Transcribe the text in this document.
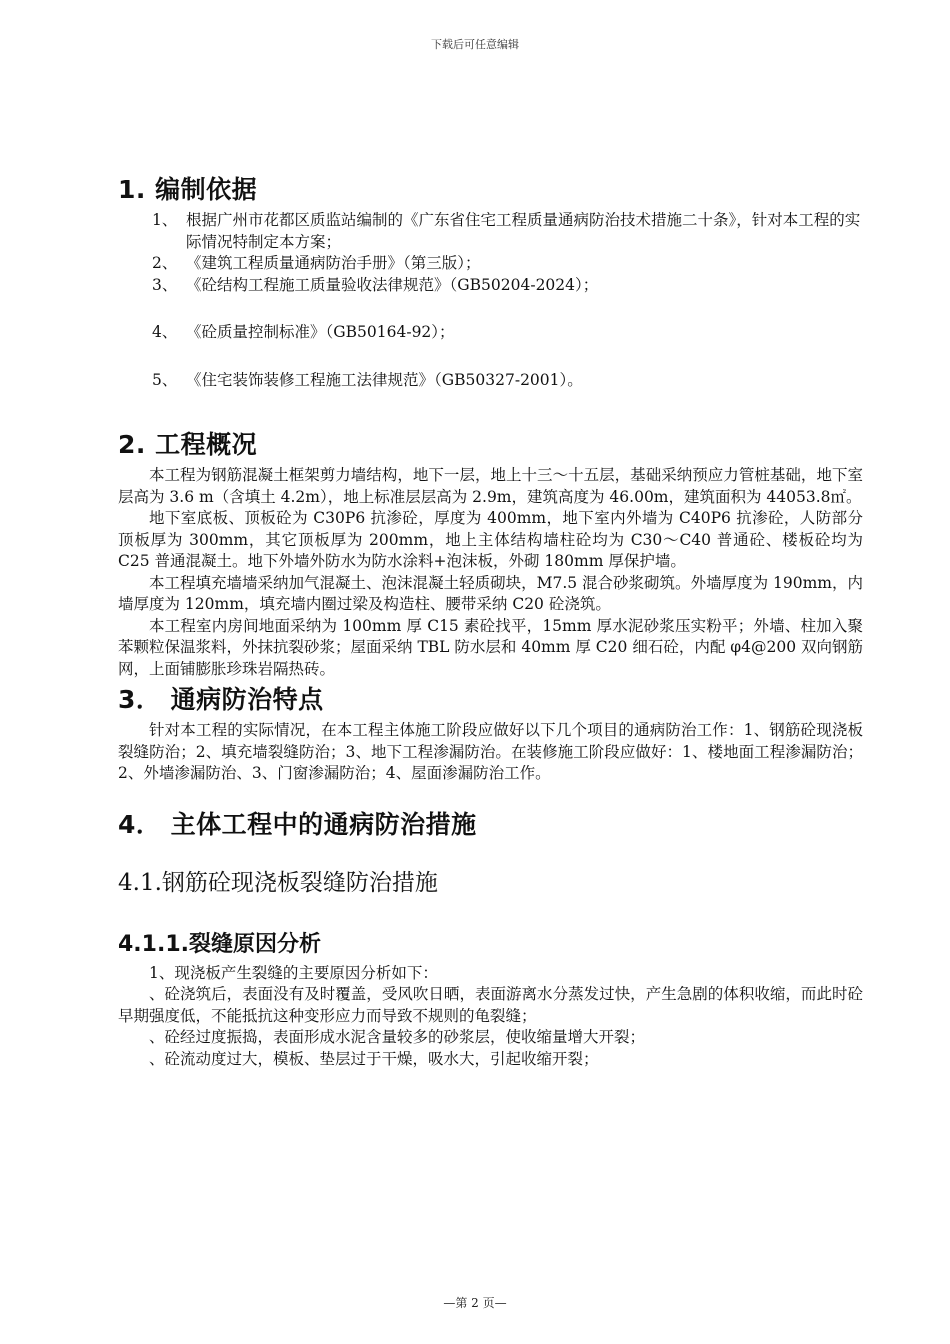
下载后可任意编辑
1. 编制依据
1、 根据广州市花都区质监站编制的《广东省住宅工程质量通病防治技术措施二十条》，针对本工程的实际情况特制定本方案；
2、 《建筑工程质量通病防治手册》（第三版）；
3、 《砼结构工程施工质量验收法律规范》（GB50204-2024）；
4、 《砼质量控制标准》（GB50164-92）；
5、 《住宅装饰装修工程施工法律规范》（GB50327-2001）。
2. 工程概况

本工程为钢筋混凝土框架剪力墙结构，地下一层，地上十三～十五层，基础采纳预应力管桩基础，地下室层高为 3.6 m（含填土 4.2m），地上标准层层高为 2.9m，建筑高度为 46.00m，建筑面积为 44053.8㎡。

地下室底板、顶板砼为 C30P6 抗渗砼，厚度为 400mm，地下室内外墙为 C40P6 抗渗砼，人防部分顶板厚为 300mm，其它顶板厚为 200mm，地上主体结构墙柱砼均为 C30～C40 普通砼、楼板砼均为 C25 普通混凝土。地下外墙外防水为防水涂料+泡沫板，外砌 180mm 厚保护墙。

本工程填充墙墙采纳加气混凝土、泡沫混凝土轻质砌块，M7.5 混合砂浆砌筑。外墙厚度为 190mm，内墙厚度为 120mm，填充墙内圈过梁及构造柱、腰带采纳 C20 砼浇筑。

本工程室内房间地面采纳为 100mm 厚 C15 素砼找平，15mm 厚水泥砂浆压实粉平；外墙、柱加入聚苯颗粒保温浆料，外抹抗裂砂浆；屋面采纳 TBL 防水层和 40mm 厚 C20 细石砼，内配 φ4@200 双向钢筋网，上面铺膨胀珍珠岩隔热砖。

3． 通病防治特点

针对本工程的实际情况，在本工程主体施工阶段应做好以下几个项目的通病防治工作：1、钢筋砼现浇板裂缝防治；2、填充墙裂缝防治；3、地下工程渗漏防治。在装修施工阶段应做好：1、楼地面工程渗漏防治；2、外墙渗漏防治、3、门窗渗漏防治；4、屋面渗漏防治工作。

4． 主体工程中的通病防治措施
4.1.钢筋砼现浇板裂缝防治措施
4.1.1.裂缝原因分析

1、现浇板产生裂缝的主要原因分析如下：

、砼浇筑后，表面没有及时覆盖，受风吹日晒，表面游离水分蒸发过快，产生急剧的体积收缩，而此时砼早期强度低，不能抵抗这种变形应力而导致不规则的龟裂缝；

、砼经过度振捣，表面形成水泥含量较多的砂浆层，使收缩量增大开裂；

、砼流动度过大，模板、垫层过于干燥，吸水大，引起收缩开裂；

—第 2 页—
